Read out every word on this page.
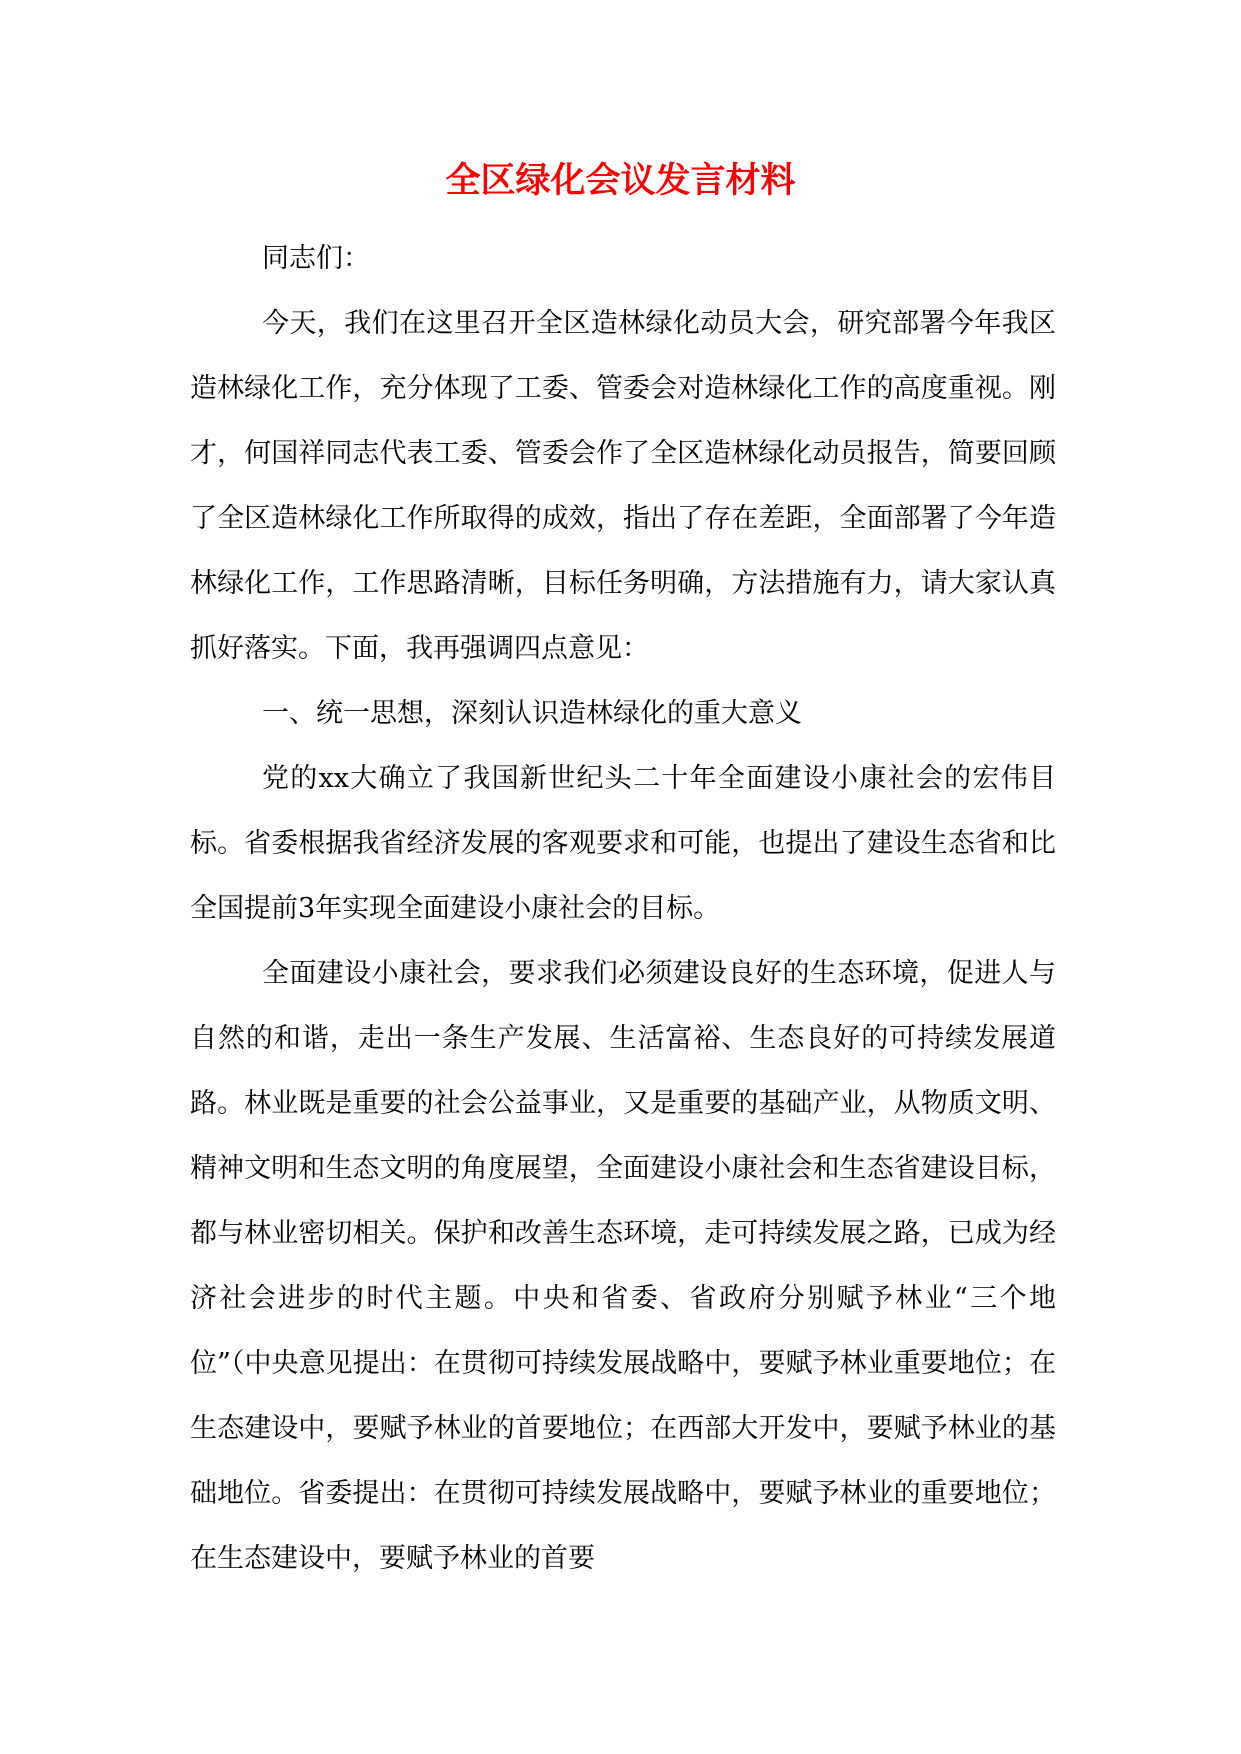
全区绿化会议发言材料

同志们：

今天，我们在这里召开全区造林绿化动员大会，研究部署今年我区造林绿化工作，充分体现了工委、管委会对造林绿化工作的高度重视。刚才，何国祥同志代表工委、管委会作了全区造林绿化动员报告，简要回顾了全区造林绿化工作所取得的成效，指出了存在差距，全面部署了今年造林绿化工作，工作思路清晰，目标任务明确，方法措施有力，请大家认真抓好落实。下面，我再强调四点意见：

一、统一思想，深刻认识造林绿化的重大意义

党的xx大确立了我国新世纪头二十年全面建设小康社会的宏伟目标。省委根据我省经济发展的客观要求和可能，也提出了建设生态省和比全国提前3年实现全面建设小康社会的目标。

全面建设小康社会，要求我们必须建设良好的生态环境，促进人与自然的和谐，走出一条生产发展、生活富裕、生态良好的可持续发展道路。林业既是重要的社会公益事业，又是重要的基础产业，从物质文明、精神文明和生态文明的角度展望，全面建设小康社会和生态省建设目标，都与林业密切相关。保护和改善生态环境，走可持续发展之路，已成为经济社会进步的时代主题。中央和省委、省政府分别赋予林业“三个地位”（中央意见提出：在贯彻可持续发展战略中，要赋予林业重要地位；在生态建设中，要赋予林业的首要地位；在西部大开发中，要赋予林业的基础地位。省委提出：在贯彻可持续发展战略中，要赋予林业的重要地位；在生态建设中，要赋予林业的首要
